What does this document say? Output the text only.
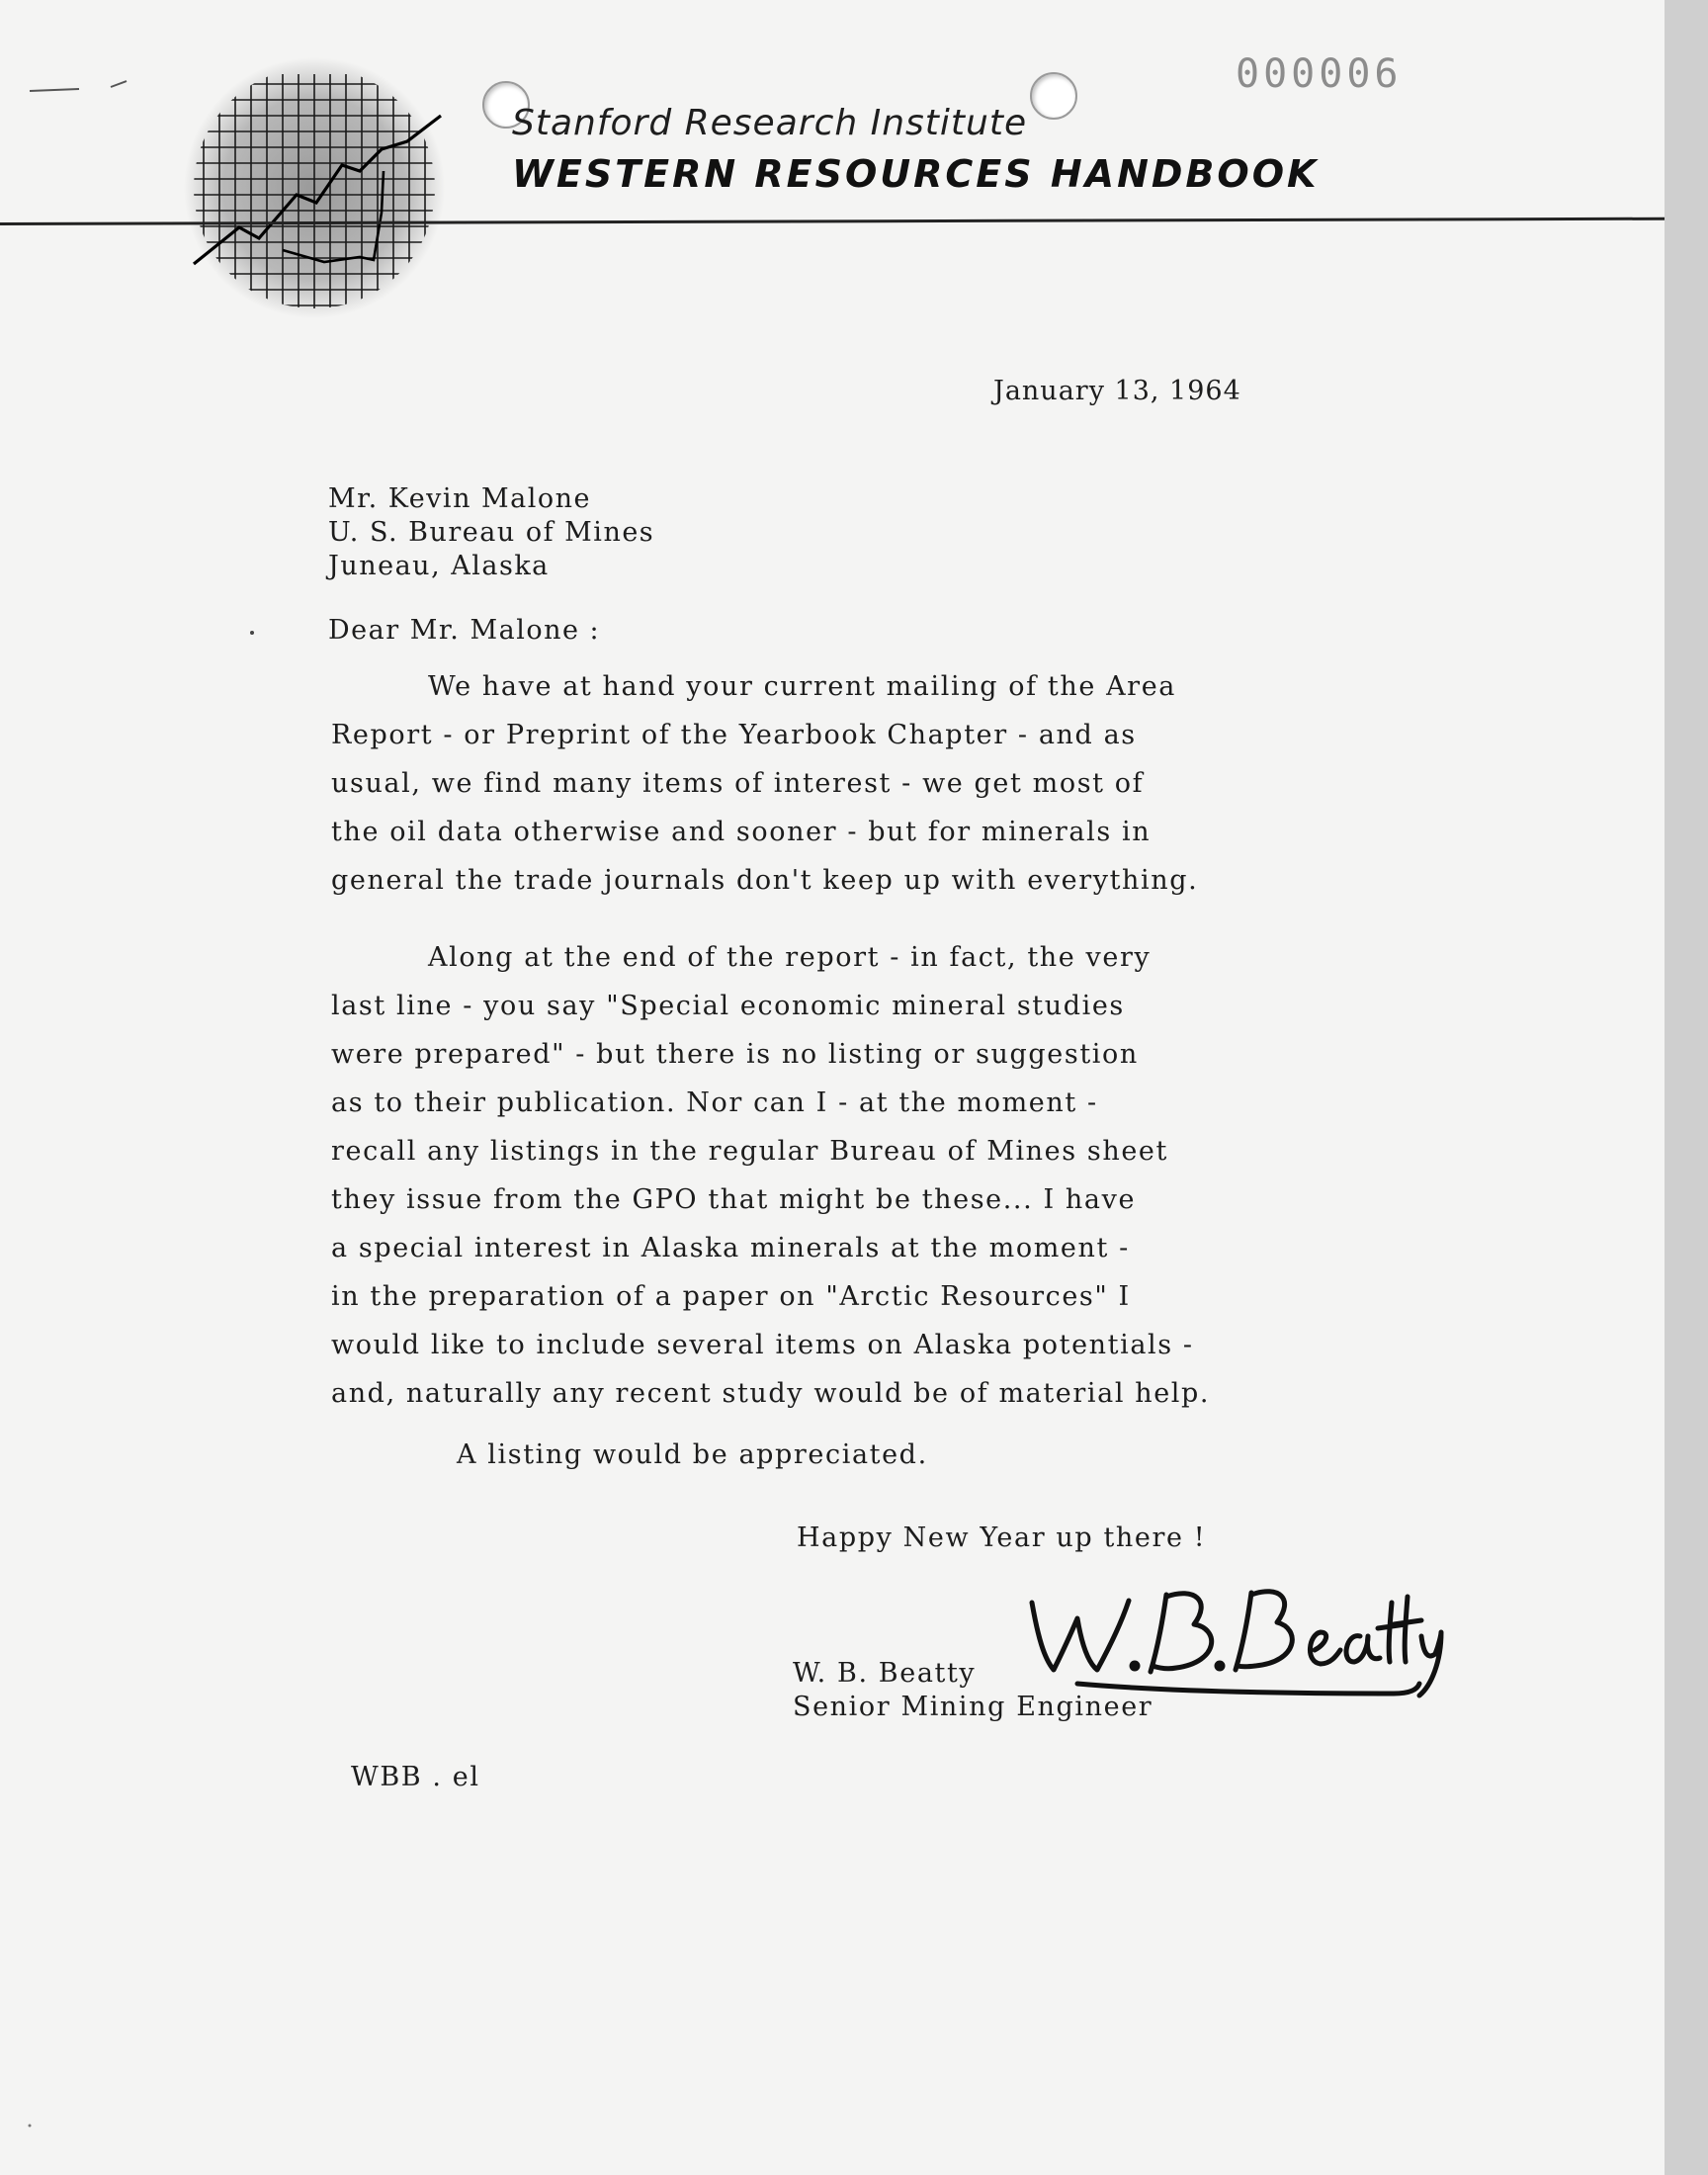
000006
Stanford Research Institute
WESTERN RESOURCES HANDBOOK
January 13, 1964
Mr. Kevin Malone
U. S. Bureau of Mines
Juneau, Alaska
Dear Mr. Malone :
We have at hand your current mailing of the Area
Report - or Preprint of the Yearbook Chapter - and as
usual, we find many items of interest - we get most of
the oil data otherwise and sooner - but for minerals in
general the trade journals don't keep up with everything.
Along at the end of the report - in fact, the very
last line - you say "Special economic mineral studies
were prepared" - but there is no listing or suggestion
as to their publication. Nor can I - at the moment -
recall any listings in the regular Bureau of Mines sheet
they issue from the GPO that might be these... I have
a special interest in Alaska minerals at the moment -
in the preparation of a paper on "Arctic Resources" I
would like to include several items on Alaska potentials -
and, naturally any recent study would be of material help.
A listing would be appreciated.
Happy New Year up there !
W. B. Beatty
Senior Mining Engineer
WBB . el
